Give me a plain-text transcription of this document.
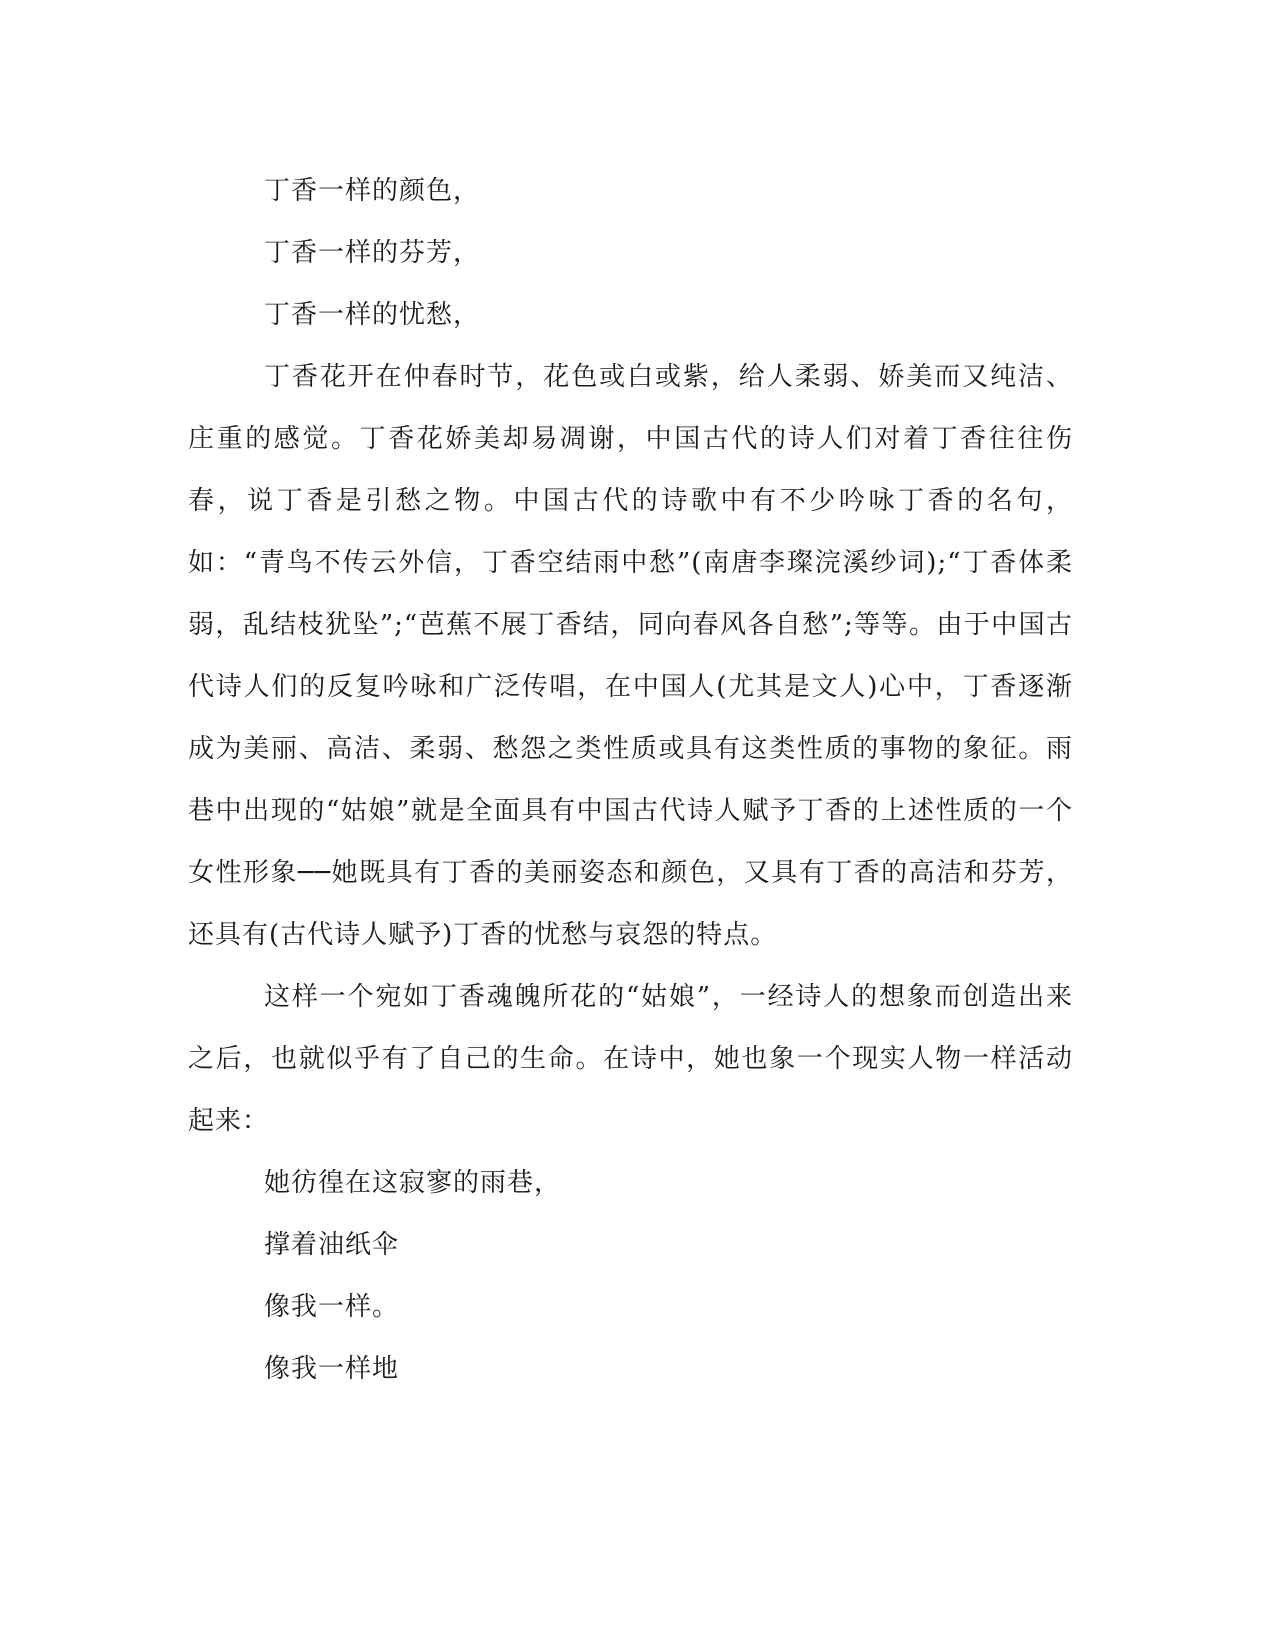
丁香一样的颜色，
丁香一样的芬芳，
丁香一样的忧愁，

丁香花开在仲春时节，花色或白或紫，给人柔弱、娇美而又纯洁、庄重的感觉。丁香花娇美却易凋谢，中国古代的诗人们对着丁香往往伤春，说丁香是引愁之物。中国古代的诗歌中有不少吟咏丁香的名句，如：“青鸟不传云外信，丁香空结雨中愁”(南唐李璨浣溪纱词);“丁香体柔弱，乱结枝犹坠”;“芭蕉不展丁香结，同向春风各自愁”;等等。由于中国古代诗人们的反复吟咏和广泛传唱，在中国人(尤其是文人)心中，丁香逐渐成为美丽、高洁、柔弱、愁怨之类性质或具有这类性质的事物的象征。雨巷中出现的“姑娘”就是全面具有中国古代诗人赋予丁香的上述性质的一个女性形象──她既具有丁香的美丽姿态和颜色，又具有丁香的高洁和芬芳，还具有(古代诗人赋予)丁香的忧愁与哀怨的特点。

这样一个宛如丁香魂魄所花的“姑娘”，一经诗人的想象而创造出来之后，也就似乎有了自己的生命。在诗中，她也象一个现实人物一样活动起来：

她彷徨在这寂寥的雨巷，
撑着油纸伞
像我一样。
像我一样地
